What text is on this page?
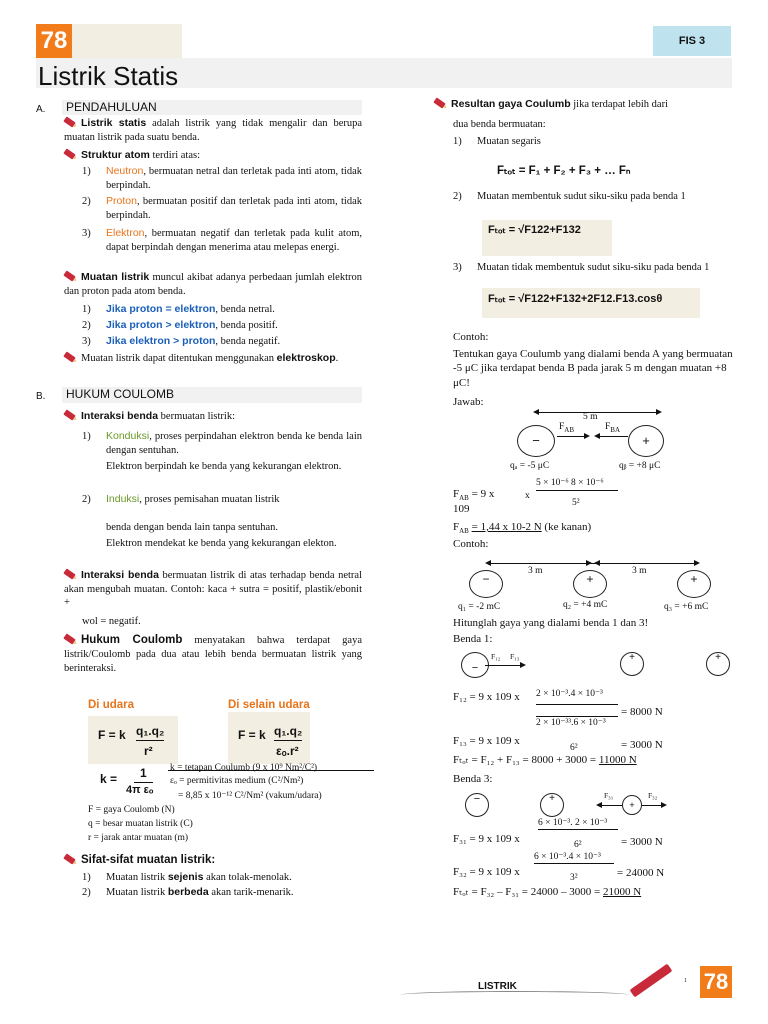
78	FIS 3
Listrik Statis
A.	PENDAHULUAN
Listrik statis adalah listrik yang tidak mengalir dan berupa muatan listrik pada suatu benda.
Struktur atom terdiri atas:
1) Neutron, bermuatan netral dan terletak pada inti atom, tidak berpindah.
2) Proton, bermuatan positif dan terletak pada inti atom, tidak berpindah.
3) Elektron, bermuatan negatif dan terletak pada kulit atom, dapat berpindah dengan menerima atau melepas energi.
Muatan listrik muncul akibat adanya perbedaan jumlah elektron dan proton pada atom benda.
1) Jika proton = elektron, benda netral.
2) Jika proton > elektron, benda positif.
3) Jika elektron > proton, benda negatif.
Muatan listrik dapat ditentukan menggunakan elektroskop.
B.	HUKUM COULOMB
Interaksi benda bermuatan listrik:
1) Konduksi, proses perpindahan elektron benda ke benda lain dengan sentuhan.
Elektron berpindah ke benda yang kekurangan elektron.
2) Induksi, proses pemisahan muatan listrik
benda dengan benda lain tanpa sentuhan.
Elektron mendekat ke benda yang kekurangan elekton.
Interaksi benda bermuatan listrik di atas terhadap benda netral akan mengubah muatan. Contoh: kaca + sutra = positif, plastik/ebonit +
wol = negatif.
Hukum Coulomb menyatakan bahwa terdapat gaya listrik/Coulomb pada dua atau lebih benda bermuatan listrik yang berinteraksi.
Di udara	Di selain udara
F = k q₁.q₂
r²
F = k q₁.q₂
εₒ.r²
k =	1
4π εₒ
k = tetapan Coulumb (9 x 10⁹ Nm²/C²)
εₒ = permitivitas medium (C²/Nm²)
= 8,85 x 10⁻¹² C²/Nm² (vakum/udara)
F = gaya Coulomb (N)
q = besar muatan listrik (C)
r = jarak antar muatan (m)
Sifat-sifat muatan listrik:
1) Muatan listrik sejenis akan tolak-menolak.
2) Muatan listrik berbeda akan tarik-menarik.
Resultan gaya Coulumb jika terdapat lebih dari
dua benda bermuatan:
1) Muatan segaris
Fₜₒₜ = F₁ + F₂ + F₃ + … Fₙ
2) Muatan membentuk sudut siku-siku pada benda 1
Fₜₒₜ = √F122+F132
3) Muatan tidak membentuk sudut siku-siku pada benda 1
Fₜₒₜ = √F122+F132+2F12.F13.cosθ
Contoh:
Tentukan gaya Coulumb yang dialami benda A yang bermuatan -5 μC jika terdapat benda B pada jarak 5 m dengan muatan +8 μC!
Jawab:
5 m
$F_{AB}$	$F_{BA}$
−	+
qₐ = -5 μC	qᵦ = +8 μC
$F_{AB} = 9$ x
109
x
5 × 10⁻⁶ 8 × 10⁻⁶
5²
$F_{AB} = 1,44$ x 10-2 N (ke kanan)
Contoh:
3 m	3 m
−	+	+
q₁ = -2 mC	q₂ = +4 mC	q₃ = +6 mC
Hitunglah gaya yang dialami benda 1 dan 3!
Benda 1:
−
+	+
F₁₂ F₁₃
F₁₂ = 9 x 109 x 2 × 10⁻³.4 × 10⁻³
2 × 10⁻³³.6 × 10⁻³
= 8000 N
F₁₃ = 9 x 109 x
6²	= 3000 N
Fₜₒₜ = F₁₂ + F₁₃ = 8000 + 3000 = 11000 N
Benda 3:
−	+
+
F₃₁	F₃₂
F₃₁ = 9 x 109 x
6 × 10⁻³. 2 × 10⁻³
6²	= 3000 N
F₃₂ = 9 x 109 x
6 × 10⁻³.4 × 10⁻³
3²	= 24000 N
Fₜₒₜ = F₃₂ – F₃₁ = 24000 – 3000 = 21000 N
LISTRIK	1 78
